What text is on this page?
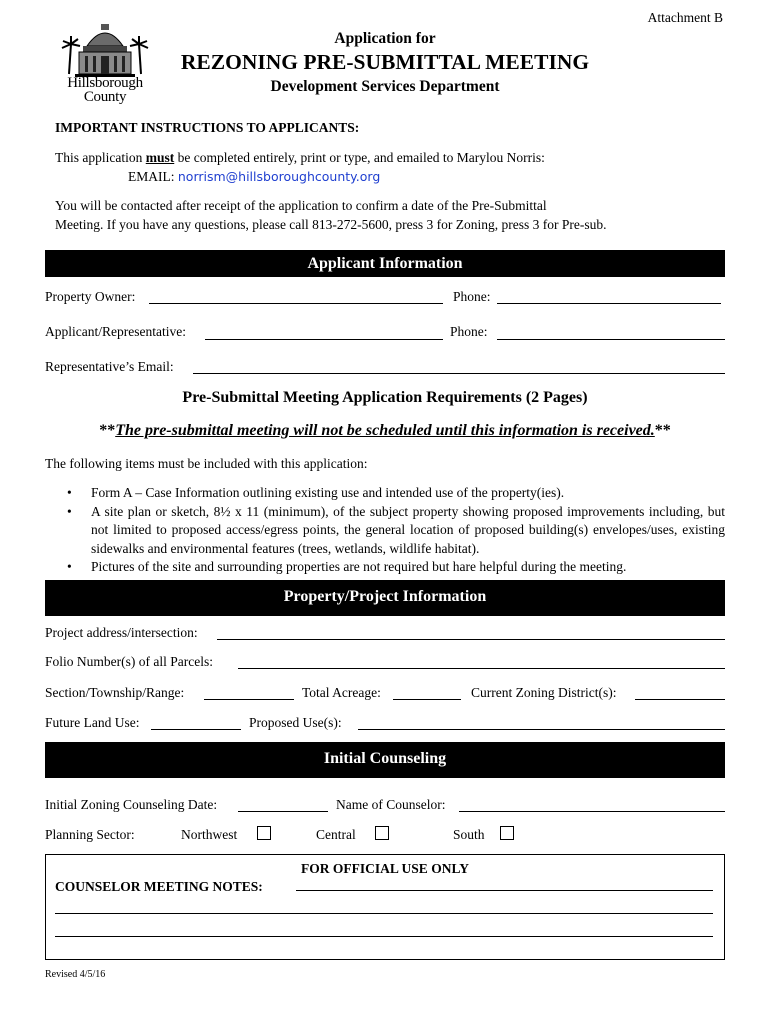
Attachment B
Hillsborough
County
Application for
REZONING PRE-SUBMITTAL MEETING
Development Services Department
IMPORTANT INSTRUCTIONS TO APPLICANTS:
This application must be completed entirely, print or type, and emailed to Marylou Norris:
EMAIL: norrism@hillsboroughcounty.org
You will be contacted after receipt of the application to confirm a date of the Pre-Submittal
Meeting. If you have any questions, please call 813-272-5600, press 3 for Zoning, press 3 for Pre-sub.
Applicant Information
Property Owner:	Phone:
Applicant/Representative:	Phone:
Representative’s Email:
Pre-Submittal Meeting Application Requirements (2 Pages)
**The pre-submittal meeting will not be scheduled until this information is received.**
The following items must be included with this application:
• Form A – Case Information outlining existing use and intended use of the property(ies).
• A site plan or sketch, 8½ x 11 (minimum), of the subject property showing proposed improvements including, but not limited to proposed access/egress points, the general location of proposed building(s) envelopes/uses, existing sidewalks and environmental features (trees, wetlands, wildlife habitat).
• Pictures of the site and surrounding properties are not required but hare helpful during the meeting.
Property/Project Information
Project address/intersection:
Folio Number(s) of all Parcels:
Section/Township/Range:	Total Acreage:	Current Zoning District(s):
Future Land Use:	Proposed Use(s):
Initial Counseling
Initial Zoning Counseling Date:	Name of Counselor:
Planning Sector:	Northwest	Central	South
FOR OFFICIAL USE ONLY
COUNSELOR MEETING NOTES:
Revised 4/5/16
